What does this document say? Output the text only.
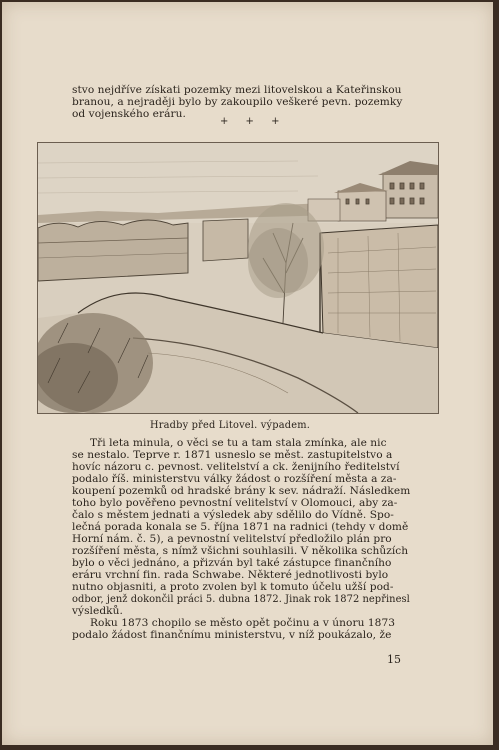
stvo nejdříve získati pozemky mezi litovelskou a Kateřinskou
branou, a nejraději bylo by zakoupilo veškeré pevn. pozemky
od vojenského eráru.
+ + +
Hradby před Litovel. výpadem.
Tři leta minula, o věci se tu a tam stala zmínka, ale nic
se nestalo. Teprve r. 1871 usneslo se měst. zastupitelstvo a
hovíc názoru c. pevnost. velitelství a ck. ženijního ředitelství
podalo říš. ministerstvu války žádost o rozšíření města a za-
koupení pozemků od hradské brány k sev. nádraží. Následkem
toho bylo pověřeno pevnostní velitelství v Olomouci, aby za-
čalo s městem jednati a výsledek aby sdělilo do Vídně. Spo-
lečná porada konala se 5. října 1871 na radnici (tehdy v domě
Horní nám. č. 5), a pevnostní velitelství předložilo plán pro
rozšíření města, s nímž všichni souhlasili. V několika schůzích
bylo o věci jednáno, a přizván byl také zástupce finančního
eráru vrchní fin. rada Schwabe. Některé jednotlivosti bylo
nutno objasniti, a proto zvolen byl k tomuto účelu užší pod-
odbor, jenž dokončil práci 5. dubna 1872. Jinak rok 1872 nepřinesl
výsledků.
Roku 1873 chopilo se město opět počinu a v únoru 1873
podalo žádost finančnímu ministerstvu, v níž poukázalo, že
15
